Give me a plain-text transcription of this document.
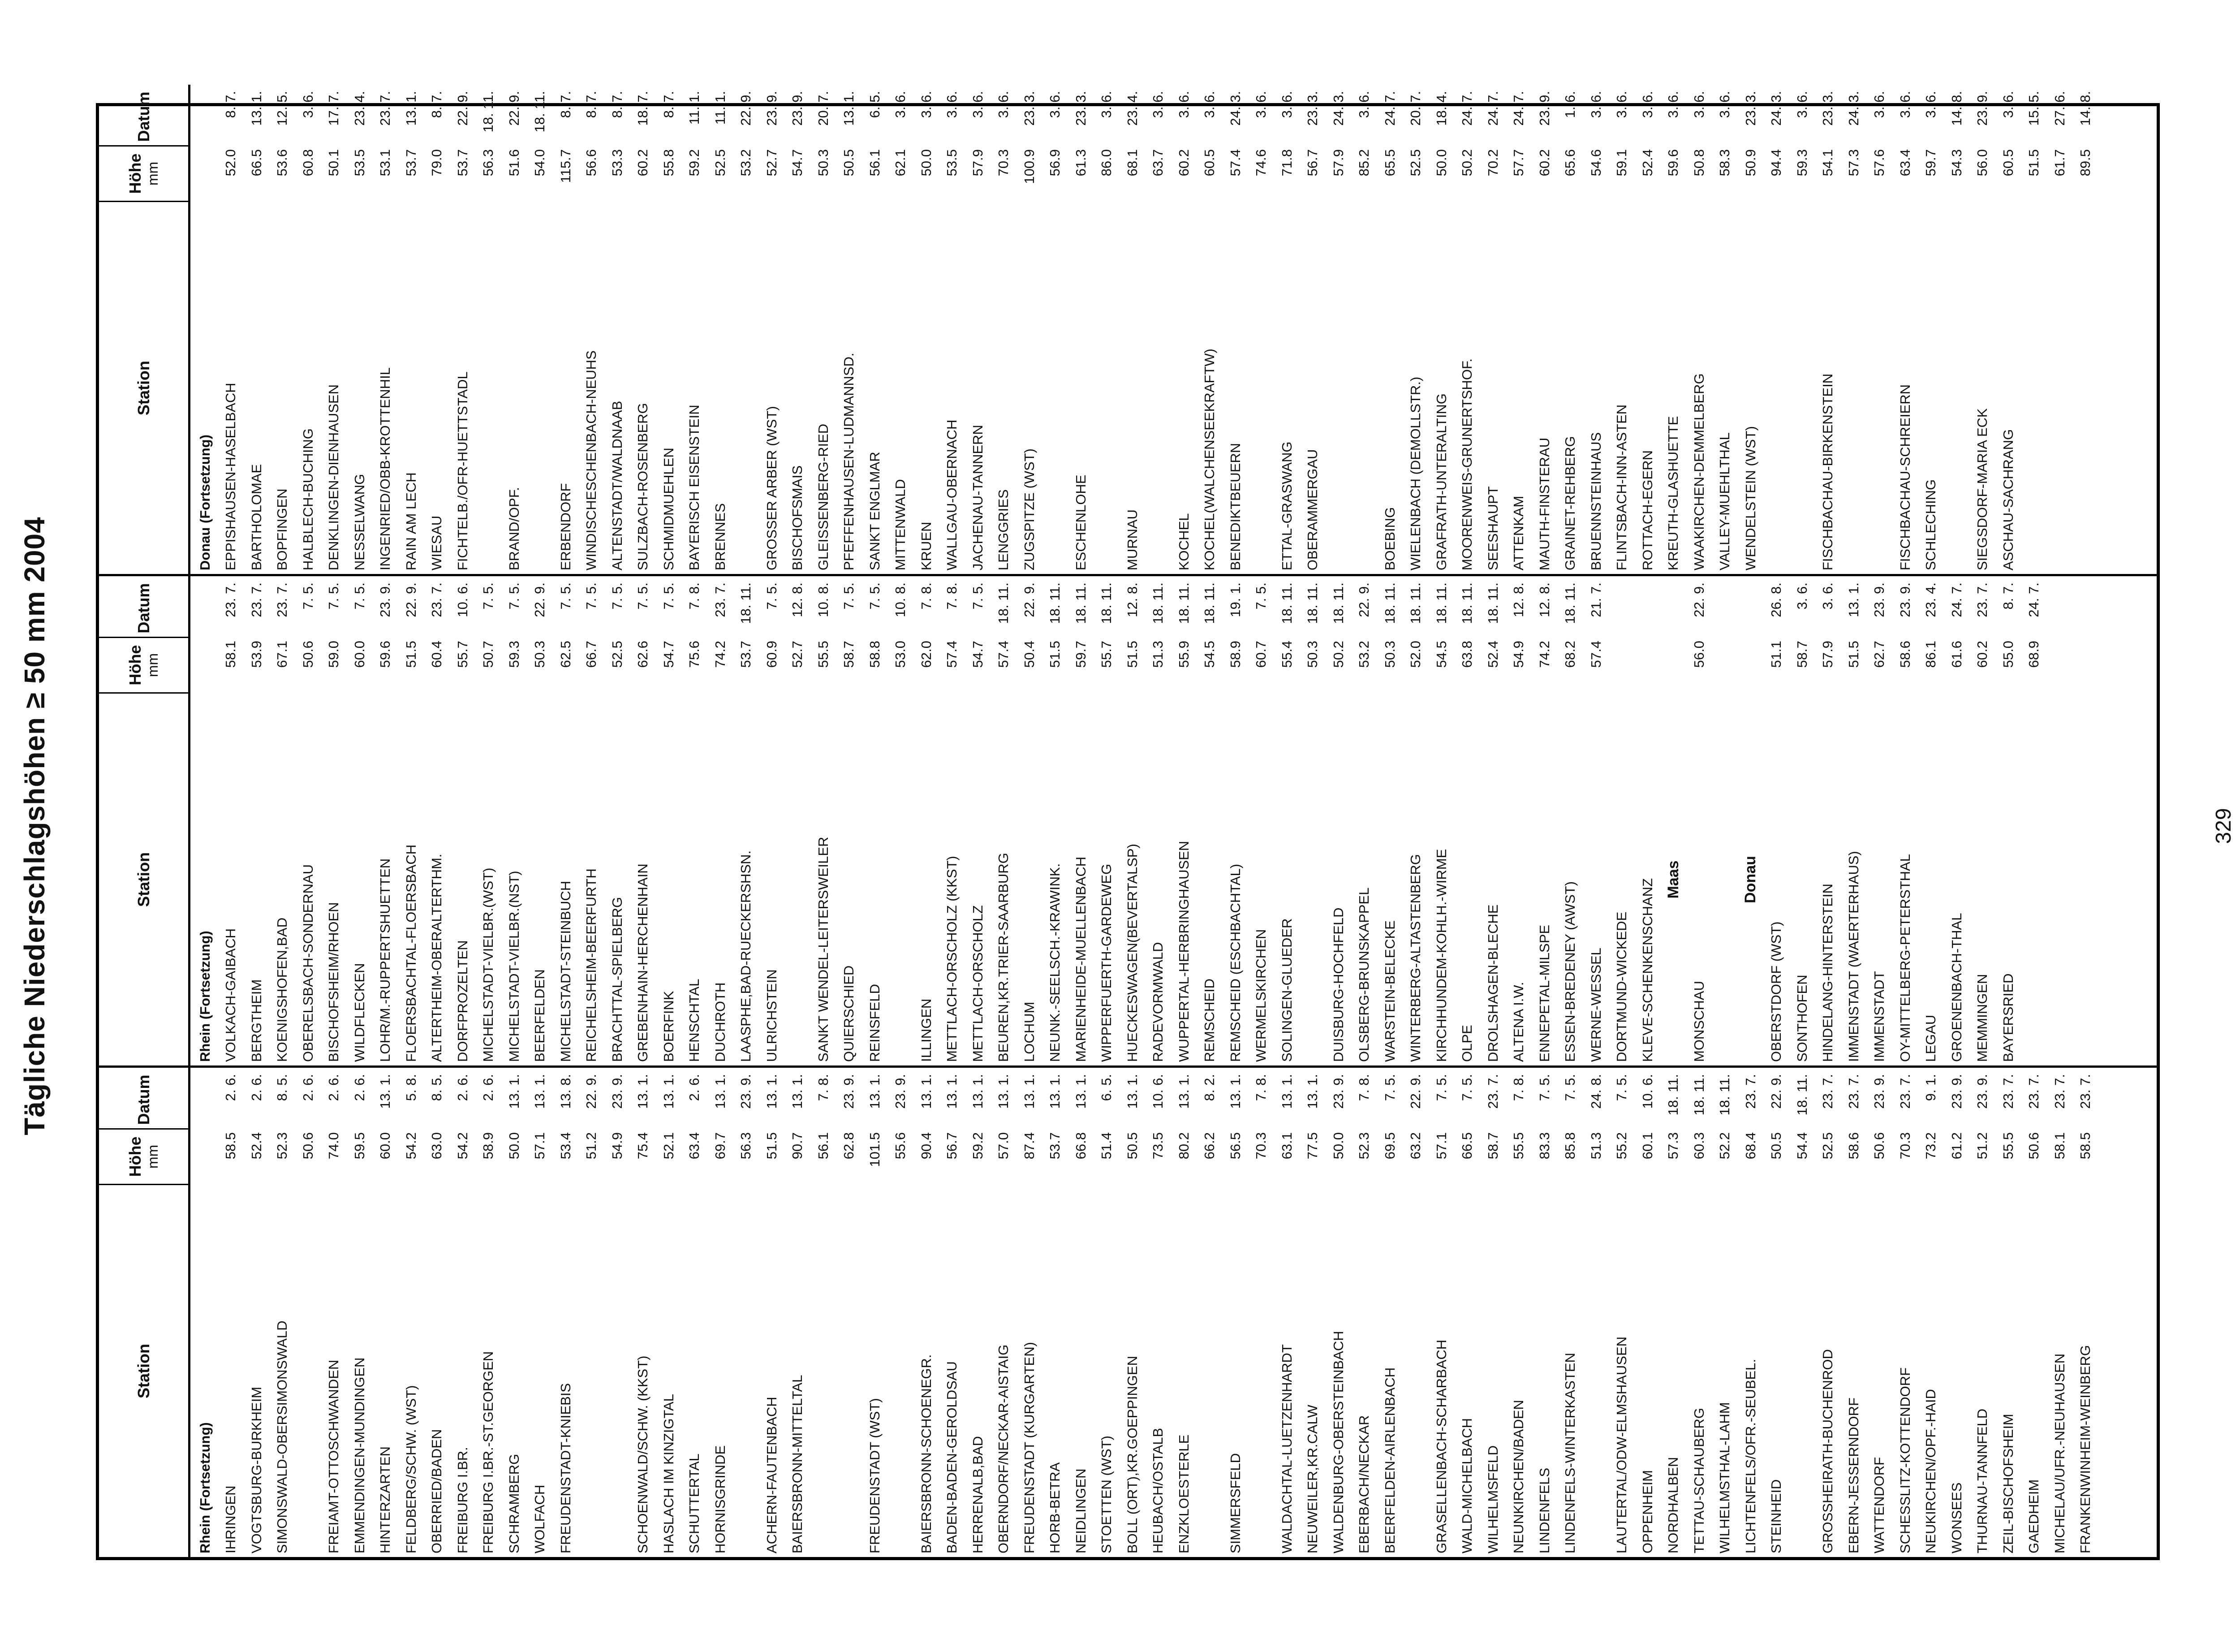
Tägliche Niederschlagshöhen ≥ 50 mm 2004
Station
Höhe mm
Datum
Rhein (Fortsetzung) IHRINGEN
58.5
2. 6.
VOGTSBURG-BURKHEIM
52.4
2. 6.
SIMONSWALD-OBERSIMONSWALD
52.3
8. 5.
50.6
2. 6.
FREIAMT-OTTOSCHWANDEN
74.0
2. 6.
EMMENDINGEN-MUNDINGEN
59.5
2. 6.
HINTERZARTEN
60.0
13. 1.
FELDBERG/SCHW. (WST)
54.2
5. 8.
OBERRIED/BADEN
63.0
8. 5.
FREIBURG I.BR.
54.2
2. 6.
FREIBURG I.BR.-ST.GEORGEN
58.9
2. 6.
SCHRAMBERG
50.0
13. 1.
WOLFACH
57.1
13. 1.
FREUDENSTADT-KNIEBIS
53.4
13. 8.
51.2
22. 9.
54.9
23. 9.
SCHOENWALD/SCHW. (KKST)
75.4
13. 1.
HASLACH IM KINZIGTAL
52.1
13. 1.
SCHUTTERTAL
63.4
2. 6.
HORNISGRINDE
69.7
13. 1.
56.3
23. 9.
ACHERN-FAUTENBACH
51.5
13. 1.
BAIERSBRONN-MITTELTAL
90.7
13. 1.
56.1
7. 8.
62.8
23. 9.
FREUDENSTADT (WST)
101.5
13. 1.
55.6
23. 9.
BAIERSBRONN-SCHOENEGR.
90.4
13. 1.
BADEN-BADEN-GEROLDSAU
56.7
13. 1.
HERRENALB,BAD
59.2
13. 1.
OBERNDORF/NECKAR-AISTAIG
57.0
13. 1.
FREUDENSTADT (KURGARTEN)
87.4
13. 1.
HORB-BETRA
53.7
13. 1.
NEIDLINGEN
66.8
13. 1.
STOETTEN (WST)
51.4
6. 5.
BOLL (ORT),KR.GOEPPINGEN
50.5
13. 1.
HEUBACH/OSTALB
73.5
10. 6.
ENZKLOESTERLE
80.2
13. 1.
66.2
8. 2.
SIMMERSFELD
56.5
13. 1.
70.3
7. 8.
WALDACHTAL-LUETZENHARDT
63.1
13. 1.
NEUWEILER,KR.CALW
77.5
13. 1.
WALDENBURG-OBERSTEINBACH
50.0
23. 9.
EBERBACH/NECKAR
52.3
7. 8.
BEERFELDEN-AIRLENBACH
69.5
7. 5.
63.2
22. 9.
GRASELLENBACH-SCHARBACH
57.1
7. 5.
WALD-MICHELBACH
66.5
7. 5.
WILHELMSFELD
58.7
23. 7.
NEUNKIRCHEN/BADEN
55.5
7. 8.
LINDENFELS
83.3
7. 5.
LINDENFELS-WINTERKASTEN
85.8
7. 5.
51.3
24. 8.
LAUTERTAL/ODW-ELMSHAUSEN
55.2
7. 5.
OPPENHEIM
60.1
10. 6.
NORDHALBEN
57.3
18. 11.
TETTAU-SCHAUBERG
60.3
18. 11.
WILHELMSTHAL-LAHM
52.2
18. 11.
LICHTENFELS/OFR.-SEUBEL.
68.4
23. 7.
STEINHEID
50.5
22. 9.
54.4
18. 11.
GROSSHEIRATH-BUCHENROD
52.5
23. 7.
EBERN-JESSERNDORF
58.6
23. 7.
WATTENDORF
50.6
23. 9.
SCHESSLITZ-KOTTENDORF
70.3
23. 7.
NEUKIRCHEN/OPF.-HAID
73.2
9. 1.
WONSEES
61.2
23. 9.
THURNAU-TANNFELD
51.2
23. 9.
ZEIL-BISCHOFSHEIM
55.5
23. 7.
GAEDHEIM
50.6
23. 7.
MICHELAU/UFR.-NEUHAUSEN
58.1
23. 7.
FRANKENWINHEIM-WEINBERG
58.5
23. 7.
Station
Höhe mm
Datum
Rhein (Fortsetzung) VOLKACH-GAIBACH
58.1
23. 7.
BERGTHEIM
53.9
23. 7.
KOENIGSHOFEN,BAD
67.1
23. 7.
OBERELSBACH-SONDERNAU
50.6
7. 5.
BISCHOFSHEIM/RHOEN
59.0
7. 5.
WILDFLECKEN
60.0
7. 5.
LOHR/M.-RUPPERTSHUETTEN
59.6
23. 9.
FLOERSBACHTAL-FLOERSBACH
51.5
22. 9.
ALTERTHEIM-OBERALTERTHM.
60.4
23. 7.
DORFPROZELTEN
55.7
10. 6.
MICHELSTADT-VIELBR.(WST)
50.7
7. 5.
MICHELSTADT-VIELBR.(NST)
59.3
7. 5.
BEERFELDEN
50.3
22. 9.
MICHELSTADT-STEINBUCH
62.5
7. 5.
REICHELSHEIM-BEERFURTH
66.7
7. 5.
BRACHTTAL-SPIELBERG
52.5
7. 5.
GREBENHAIN-HERCHENHAIN
62.6
7. 5.
BOERFINK
54.7
7. 5.
HENSCHTAL
75.6
7. 8.
DUCHROTH
74.2
23. 7.
LAASPHE,BAD-RUECKERSHSN.
53.7
18. 11.
ULRICHSTEIN
60.9
7. 5.
52.7
12. 8.
SANKT WENDEL-LEITERSWEILER
55.5
10. 8.
QUIERSCHIED
58.7
7. 5.
REINSFELD
58.8
7. 5.
53.0
10. 8.
ILLINGEN
62.0
7. 8.
METTLACH-ORSCHOLZ (KKST)
57.4
7. 8.
METTLACH-ORSCHOLZ
54.7
7. 5.
BEUREN,KR.TRIER-SAARBURG
57.4
18. 11.
LOCHUM
50.4
22. 9.
NEUNK.-SEELSCH.-KRAWINK.
51.5
18. 11.
MARIENHEIDE-MUELLENBACH
59.7
18. 11.
WIPPERFUERTH-GARDEWEG
55.7
18. 11.
HUECKESWAGEN(BEVERTALSP)
51.5
12. 8.
RADEVORMWALD
51.3
18. 11.
WUPPERTAL-HERBRINGHAUSEN
55.9
18. 11.
REMSCHEID
54.5
18. 11.
REMSCHEID (ESCHBACHTAL)
58.9
19. 1.
WERMELSKIRCHEN
60.7
7. 5.
SOLINGEN-GLUEDER
55.4
18. 11.
50.3
18. 11.
DUISBURG-HOCHFELD
50.2
18. 11.
OLSBERG-BRUNSKAPPEL
53.2
22. 9.
WARSTEIN-BELECKE
50.3
18. 11.
WINTERBERG-ALTASTENBERG
52.0
18. 11.
KIRCHHUNDEM-KOHLH.-WIRME
54.5
18. 11.
OLPE
63.8
18. 11.
DROLSHAGEN-BLECHE
52.4
18. 11.
ALTENA I.W.
54.9
12. 8.
ENNEPETAL-MILSPE
74.2
12. 8.
ESSEN-BREDENEY (AWST)
68.2
18. 11.
WERNE-WESSEL
57.4
21. 7.
DORTMUND-WICKEDE KLEVE-SCHENKENSCHANZ Maas
MONSCHAU
56.0
22. 9.
Donau
OBERSTDORF (WST)
51.1
26. 8.
SONTHOFEN
58.7
3. 6.
HINDELANG-HINTERSTEIN
57.9
3. 6.
IMMENSTADT (WAERTERHAUS)
51.5
13. 1.
IMMENSTADT
62.7
23. 9.
OY-MITTELBERG-PETERSTHAL
58.6
23. 9.
LEGAU
86.1
23. 4.
GROENENBACH-THAL
61.6
24. 7.
MEMMINGEN
60.2
23. 7.
BAYERSRIED
55.0
8. 7.
68.9
24. 7.
Station
Höhe mm
Datum
Donau (Fortsetzung) EPPISHAUSEN-HASELBACH
52.0
8. 7.
BARTHOLOMAE
66.5
13. 1.
BOPFINGEN
53.6
12. 5.
HALBLECH-BUCHING
60.8
3. 6.
DENKLINGEN-DIENHAUSEN
50.1
17. 7.
NESSELWANG
53.5
23. 4.
INGENRIED/OBB-KROTTENHIL
53.1
23. 7.
RAIN AM LECH
53.7
13. 1.
WIESAU
79.0
8. 7.
FICHTELB./OFR-HUETTSTADL
53.7
22. 9.
56.3
18. 11.
BRAND/OPF.
51.6
22. 9.
54.0
18. 11.
ERBENDORF
115.7
8. 7.
WINDISCHESCHENBACH-NEUHS
56.6
8. 7.
ALTENSTADT/WALDNAAB
53.3
8. 7.
SULZBACH-ROSENBERG
60.2
18. 7.
SCHMIDMUEHLEN
55.8
8. 7.
BAYERISCH EISENSTEIN
59.2
11. 1.
BRENNES
52.5
11. 1.
53.2
22. 9.
GROSSER ARBER (WST)
52.7
23. 9.
BISCHOFSMAIS
54.7
23. 9.
GLEISSENBERG-RIED
50.3
20. 7.
PFEFFENHAUSEN-LUDMANNSD.
50.5
13. 1.
SANKT ENGLMAR
56.1
6. 5.
MITTENWALD
62.1
3. 6.
KRUEN
50.0
3. 6.
WALLGAU-OBERNACH
53.5
3. 6.
JACHENAU-TANNERN
57.9
3. 6.
LENGGRIES
70.3
3. 6.
ZUGSPITZE (WST)
100.9
23. 3.
56.9
3. 6.
ESCHENLOHE
61.3
23. 3.
86.0
3. 6.
MURNAU
68.1
23. 4.
63.7
3. 6.
KOCHEL
60.2
3. 6.
KOCHEL(WALCHENSEEKRAFTW)
60.5
3. 6.
BENEDIKTBEUERN
57.4
24. 3.
74.6
3. 6.
ETTAL-GRASWANG
71.8
3. 6.
OBERAMMERGAU
56.7
23. 3.
57.9
24. 3.
85.2
3. 6.
BOEBING
65.5
24. 7.
WIELENBACH (DEMOLLSTR.)
52.5
20. 7.
GRAFRATH-UNTERALTING
50.0
18. 4.
MOORENWEIS-GRUNERTSHOF.
50.2
24. 7.
SEESHAUPT
70.2
24. 7.
ATTENKAM
57.7
24. 7.
MAUTH-FINSTERAU
60.2
23. 9.
GRAINET-REHBERG
65.6
1. 6.
BRUENNSTEINHAUS
54.6
3. 6.
FLINTSBACH-INN-ASTEN
59.1
3. 6.
ROTTACH-EGERN
52.4
3. 6.
KREUTH-GLASHUETTE
59.6
3. 6.
WAAKIRCHEN-DEMMELBERG
50.8
3. 6.
VALLEY-MUEHLTHAL
58.3
3. 6.
WENDELSTEIN (WST)
50.9
23. 3.
94.4
24. 3.
59.3
3. 6.
FISCHBACHAU-BIRKENSTEIN
54.1
23. 3.
57.3
24. 3.
57.6
3. 6.
FISCHBACHAU-SCHREIERN
63.4
3. 6.
SCHLECHING
59.7
3. 6.
54.3
14. 8.
SIEGSDORF-MARIA ECK
56.0
23. 9.
ASCHAU-SACHRANG
60.5
3. 6.
51.5
15. 5.
61.7
27. 6.
89.5
14. 8.
329
